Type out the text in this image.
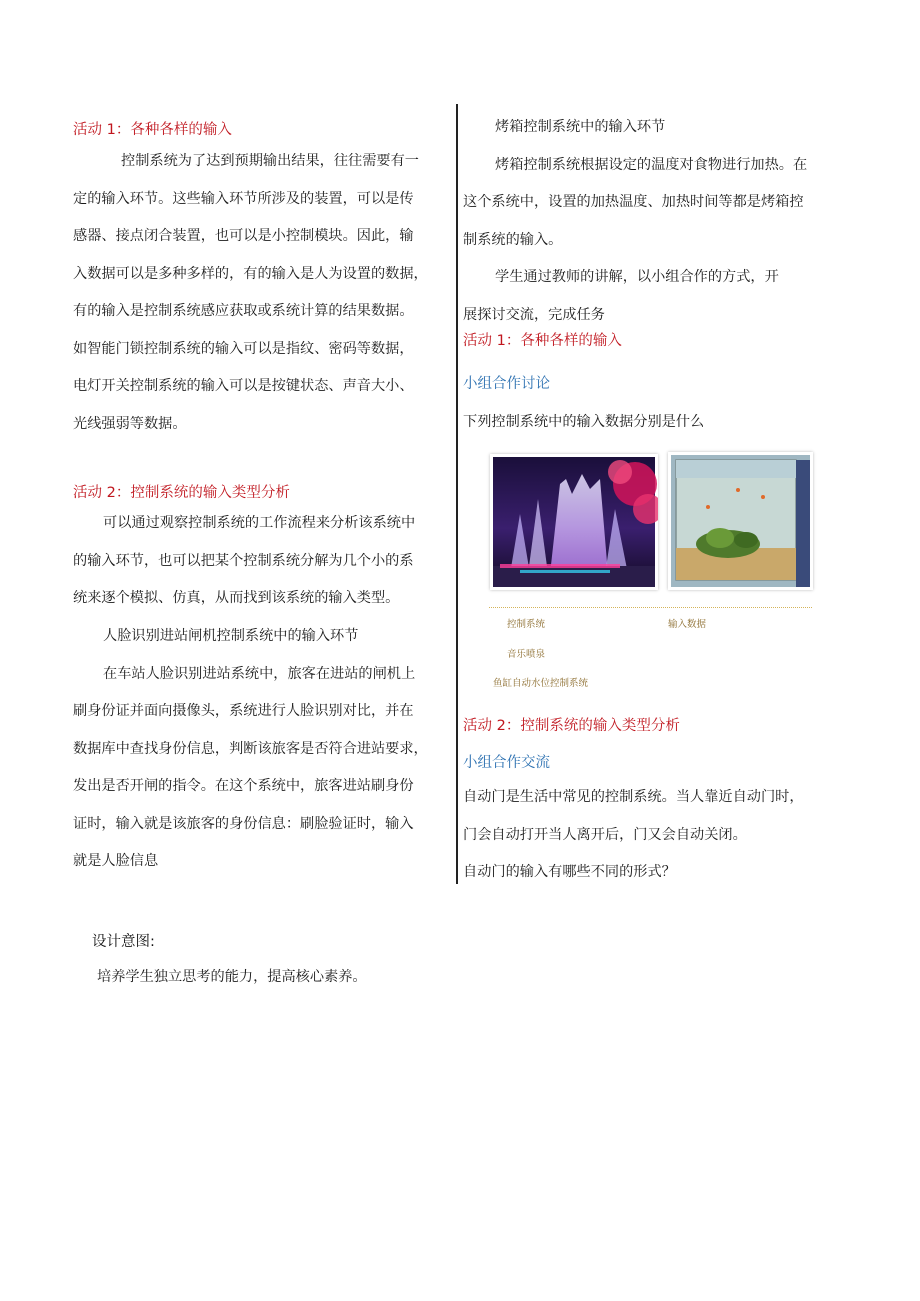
活动 1：各种各样的输入

控制系统为了达到预期输出结果，往往需要有一

定的输入环节。这些输入环节所涉及的装置，可以是传

感器、接点闭合装置，也可以是小控制模块。因此，输

入数据可以是多种多样的，有的输入是人为设置的数据，

有的输入是控制系统感应获取或系统计算的结果数据。

如智能门锁控制系统的输入可以是指纹、密码等数据，

电灯开关控制系统的输入可以是按键状态、声音大小、

光线强弱等数据。

活动 2：控制系统的输入类型分析

可以通过观察控制系统的工作流程来分析该系统中

的输入环节，也可以把某个控制系统分解为几个小的系

统来逐个模拟、仿真，从而找到该系统的输入类型。

人脸识别进站闸机控制系统中的输入环节

在车站人脸识别进站系统中，旅客在进站的闸机上

刷身份证并面向摄像头，系统进行人脸识别对比，并在

数据库中查找身份信息，判断该旅客是否符合进站要求，

发出是否开闸的指令。在这个系统中，旅客进站刷身份

证时，输入就是该旅客的身份信息：刷脸验证时，输入

就是人脸信息

烤箱控制系统中的输入环节

烤箱控制系统根据设定的温度对食物进行加热。在

这个系统中，设置的加热温度、加热时间等都是烤箱控

制系统的输入。

学生通过教师的讲解，以小组合作的方式，开

展探讨交流，完成任务

活动 1：各种各样的输入
小组合作讨论
下列控制系统中的输入数据分别是什么
控制系统	输入数据
音乐喷泉
鱼缸自动水位控制系统
活动 2：控制系统的输入类型分析
小组合作交流

自动门是生活中常见的控制系统。当人靠近自动门时，

门会自动打开当人离开后，门又会自动关闭。

自动门的输入有哪些不同的形式？

设计意图:
培养学生独立思考的能力，提高核心素养。
